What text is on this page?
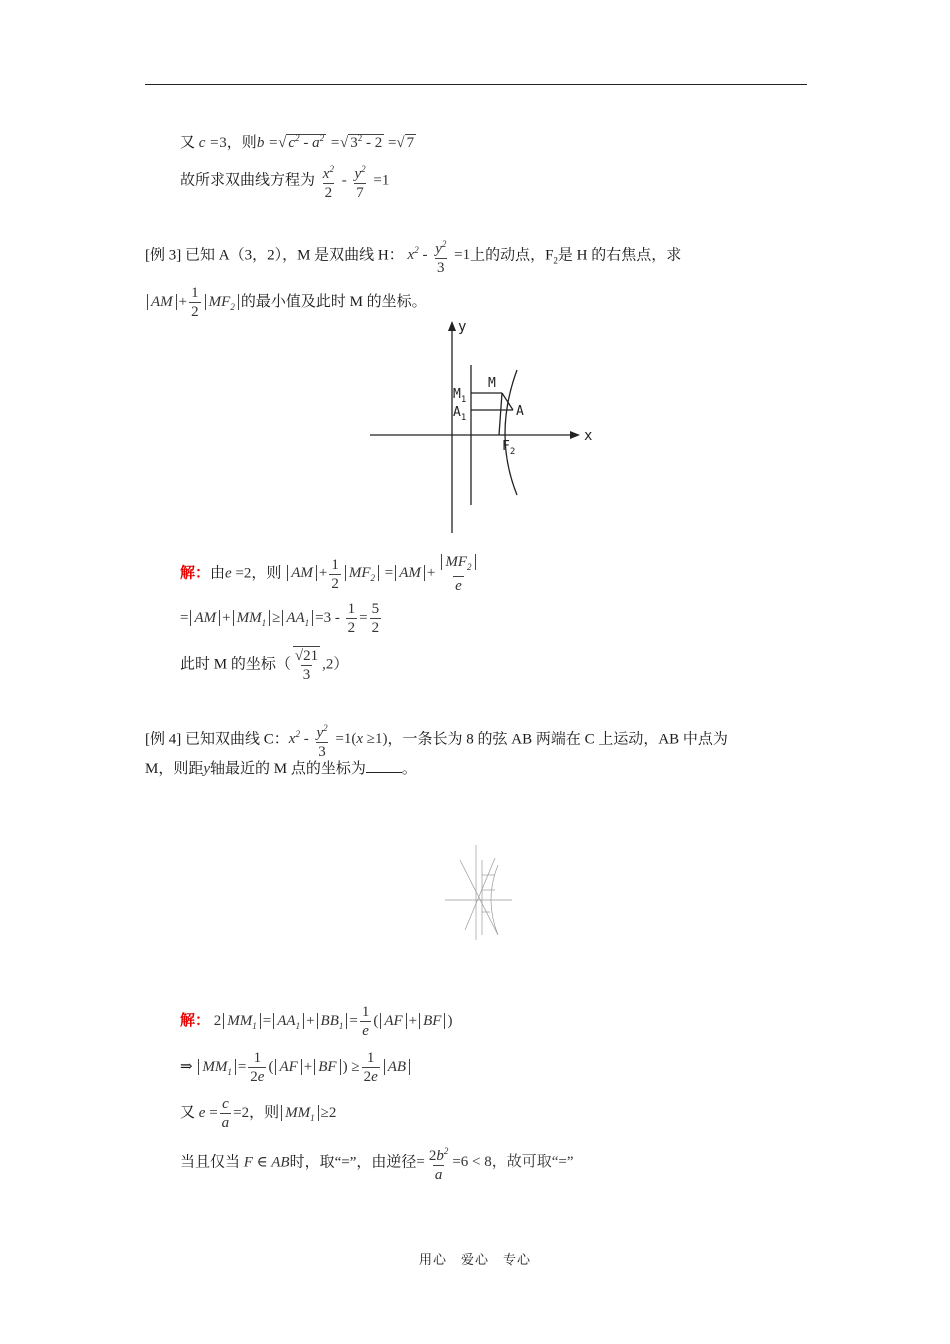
又 c =3，则b =√ $c^2 - a^2$ =√ $3^2 - 2$ =√ 7
故所求双曲线方程为 $\frac{x^2}{2} - \frac{y^2}{7} =1$
[例 3] 已知 A（3，2），M 是双曲线 H： $x^2 - \frac{y^2}{3} =1$上的动点，$F_2$是 H 的右焦点，求
AM + $\frac{1}{2} MF_2$ 的最小值及此时 M 的坐标。
y
x
$M_1$
$A_1$
M
A
$F_2$
解：由e =2，则 AM + $\frac{1}{2} MF_2$ = AM + $\frac{MF_2}{e}$
= AM + $MM_1 \ge AA_1 =3 - \frac{1}{2} = \frac{5}{2}$
此时 M 的坐标（ $\frac{√21}{3} ,2$）
[例 4] 已知双曲线 C：$x^2 - \frac{y^2}{3} =1(x \ge 1)$，一条长为 8 的弦 AB 两端在 C 上运动，AB 中点为
M，则距y轴最近的 M 点的坐标为 。
解： 2 $MM_1 = AA_1 + BB_1 = \frac{1}{e}$ ( AF + BF )
⇒ $MM_1 = \frac{1}{2e}$ ( AF + BF ) ≥ $\frac{1}{2e}$ AB
又 $e = \frac{c}{a} =2$，则 $MM_1 \ge 2$
当且仅当 F ∈ AB时，取“=”，由逆径= $\frac{2b^2}{a} =6 < 8$，故可取“=”
用心　爱心　专心
